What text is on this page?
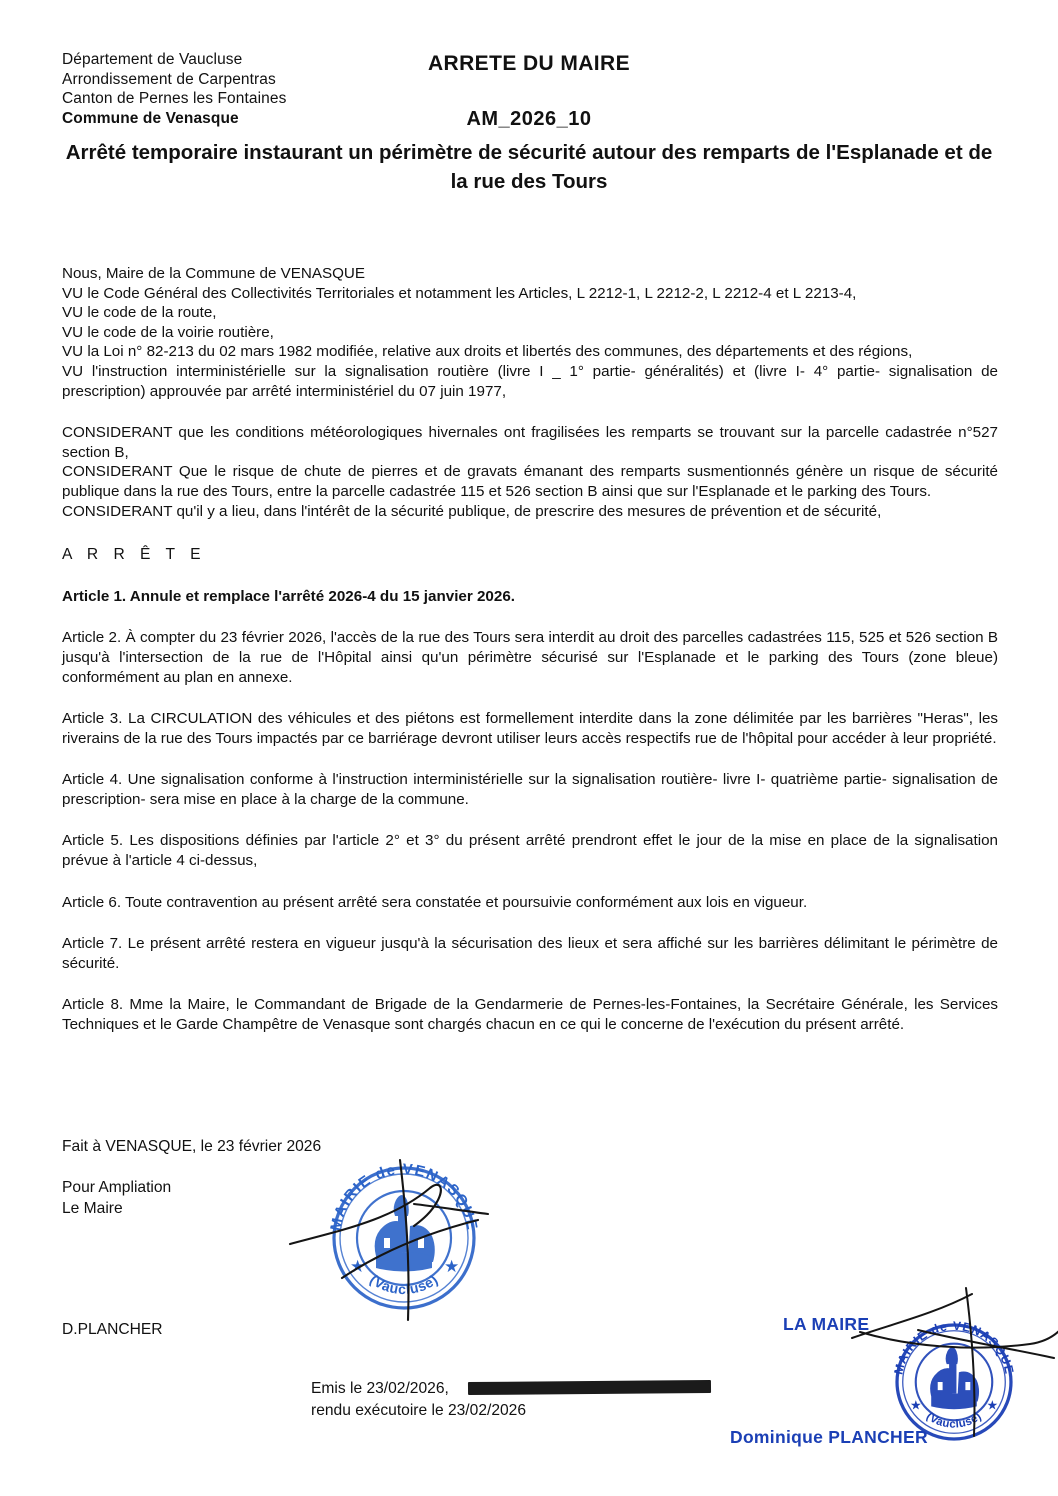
Département de Vaucluse
Arrondissement de Carpentras
Canton de Pernes les Fontaines
Commune de Venasque
ARRETE DU MAIRE
AM_2026_10
Arrêté temporaire instaurant un périmètre de sécurité autour des remparts de l'Esplanade et de la rue des Tours
Nous, Maire de la Commune de VENASQUE
VU le Code Général des Collectivités Territoriales et notamment les Articles, L 2212-1, L 2212-2, L 2212-4 et L 2213-4,
VU le code de la route,
VU le code de la voirie routière,
VU la Loi n° 82-213 du 02 mars 1982 modifiée, relative aux droits et libertés des communes, des départements et des régions,
VU l'instruction interministérielle sur la signalisation routière (livre I _ 1° partie- généralités) et (livre I- 4° partie- signalisation de prescription) approuvée par arrêté interministériel du 07 juin 1977,
CONSIDERANT que les conditions météorologiques hivernales ont fragilisées les remparts se trouvant sur la parcelle cadastrée n°527 section B,
CONSIDERANT Que le risque de chute de pierres et de gravats émanant des remparts susmentionnés génère un risque de sécurité publique dans la rue des Tours, entre la parcelle cadastrée 115 et 526 section B ainsi que sur l'Esplanade et le parking des Tours.
CONSIDERANT qu'il y a lieu, dans l'intérêt de la sécurité publique, de prescrire des mesures de prévention et de sécurité,
A R R Ê T E
Article 1. Annule et remplace l'arrêté 2026-4 du 15 janvier 2026.
Article 2. À compter du 23 février 2026, l'accès de la rue des Tours sera interdit au droit des parcelles cadastrées 115, 525 et 526 section B jusqu'à l'intersection de la rue de l'Hôpital ainsi qu'un périmètre sécurisé sur l'Esplanade et le parking des Tours (zone bleue) conformément au plan en annexe.
Article 3. La CIRCULATION des véhicules et des piétons est formellement interdite dans la zone délimitée par les barrières "Heras", les riverains de la rue des Tours impactés par ce barriérage devront utiliser leurs accès respectifs rue de l'hôpital pour accéder à leur propriété.
Article 4. Une signalisation conforme à l'instruction interministérielle sur la signalisation routière- livre I- quatrième partie- signalisation de prescription- sera mise en place à la charge de la commune.
Article 5. Les dispositions définies par l'article 2° et 3° du présent arrêté prendront effet le jour de la mise en place de la signalisation prévue à l'article 4 ci-dessus,
Article 6. Toute contravention au présent arrêté sera constatée et poursuivie conformément aux lois en vigueur.
Article 7. Le présent arrêté restera en vigueur jusqu'à la sécurisation des lieux et sera affiché sur les barrières délimitant le périmètre de sécurité.
Article 8. Mme la Maire, le Commandant de Brigade de la Gendarmerie de Pernes-les-Fontaines, la Secrétaire Générale, les Services Techniques et le Garde Champêtre de Venasque sont chargés chacun en ce qui le concerne de l'exécution du présent arrêté.
Fait à VENASQUE, le 23 février 2026
Pour Ampliation
Le Maire
D.PLANCHER
MAIRIE de VENASQUE
(Vaucluse)
★	★
LA MAIRE
Dominique PLANCHER
MAIRIE de VENASQUE
(Vaucluse)
★	★
Emis le 23/02/2026,
rendu exécutoire le 23/02/2026
